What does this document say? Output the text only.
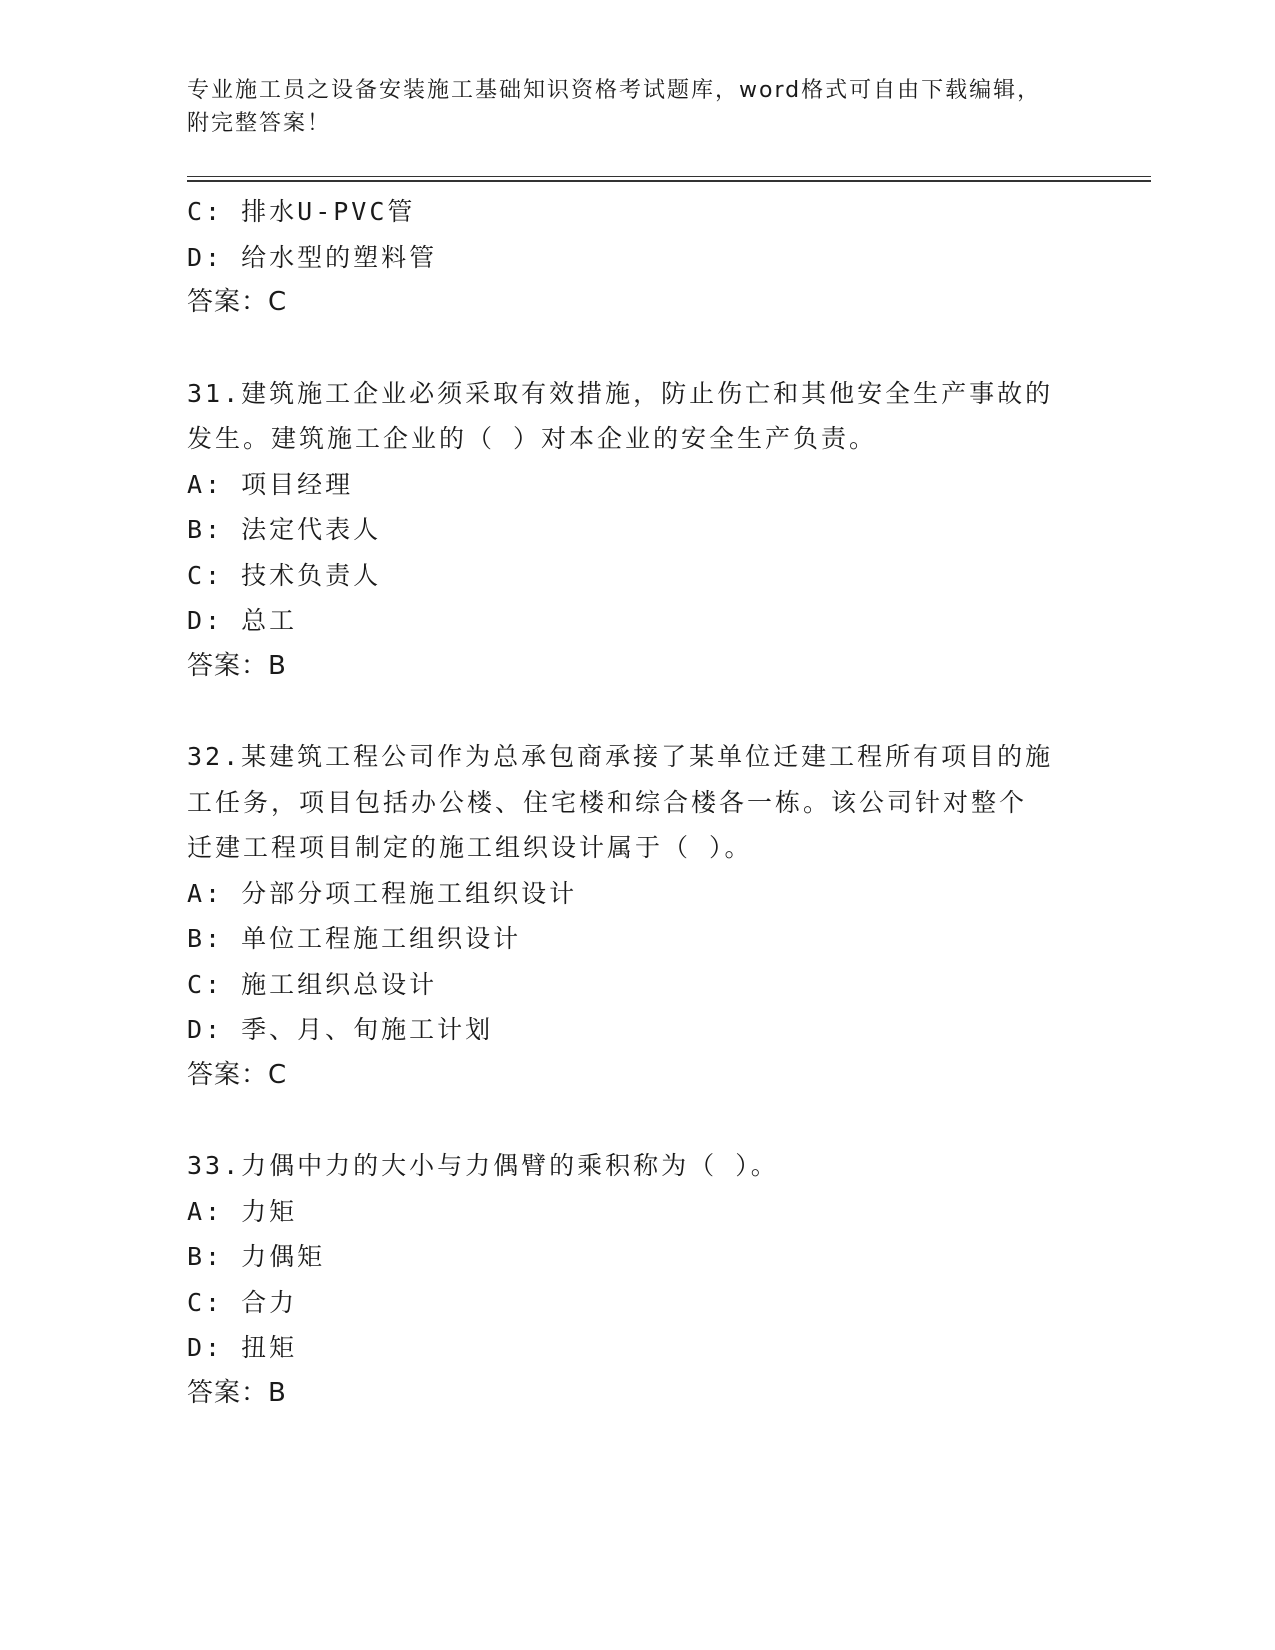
专业施工员之设备安装施工基础知识资格考试题库，word格式可自由下载编辑，
附完整答案！
C: 排水U-PVC管
D: 给水型的塑料管
答案：C
31.建筑施工企业必须采取有效措施，防止伤亡和其他安全生产事故的
发生。建筑施工企业的（ ）对本企业的安全生产负责。
A: 项目经理
B: 法定代表人
C: 技术负责人
D: 总工
答案：B
32.某建筑工程公司作为总承包商承接了某单位迁建工程所有项目的施
工任务，项目包括办公楼、住宅楼和综合楼各一栋。该公司针对整个
迁建工程项目制定的施工组织设计属于（ ）。
A: 分部分项工程施工组织设计
B: 单位工程施工组织设计
C: 施工组织总设计
D: 季、月、旬施工计划
答案：C
33.力偶中力的大小与力偶臂的乘积称为（ ）。
A: 力矩
B: 力偶矩
C: 合力
D: 扭矩
答案：B
